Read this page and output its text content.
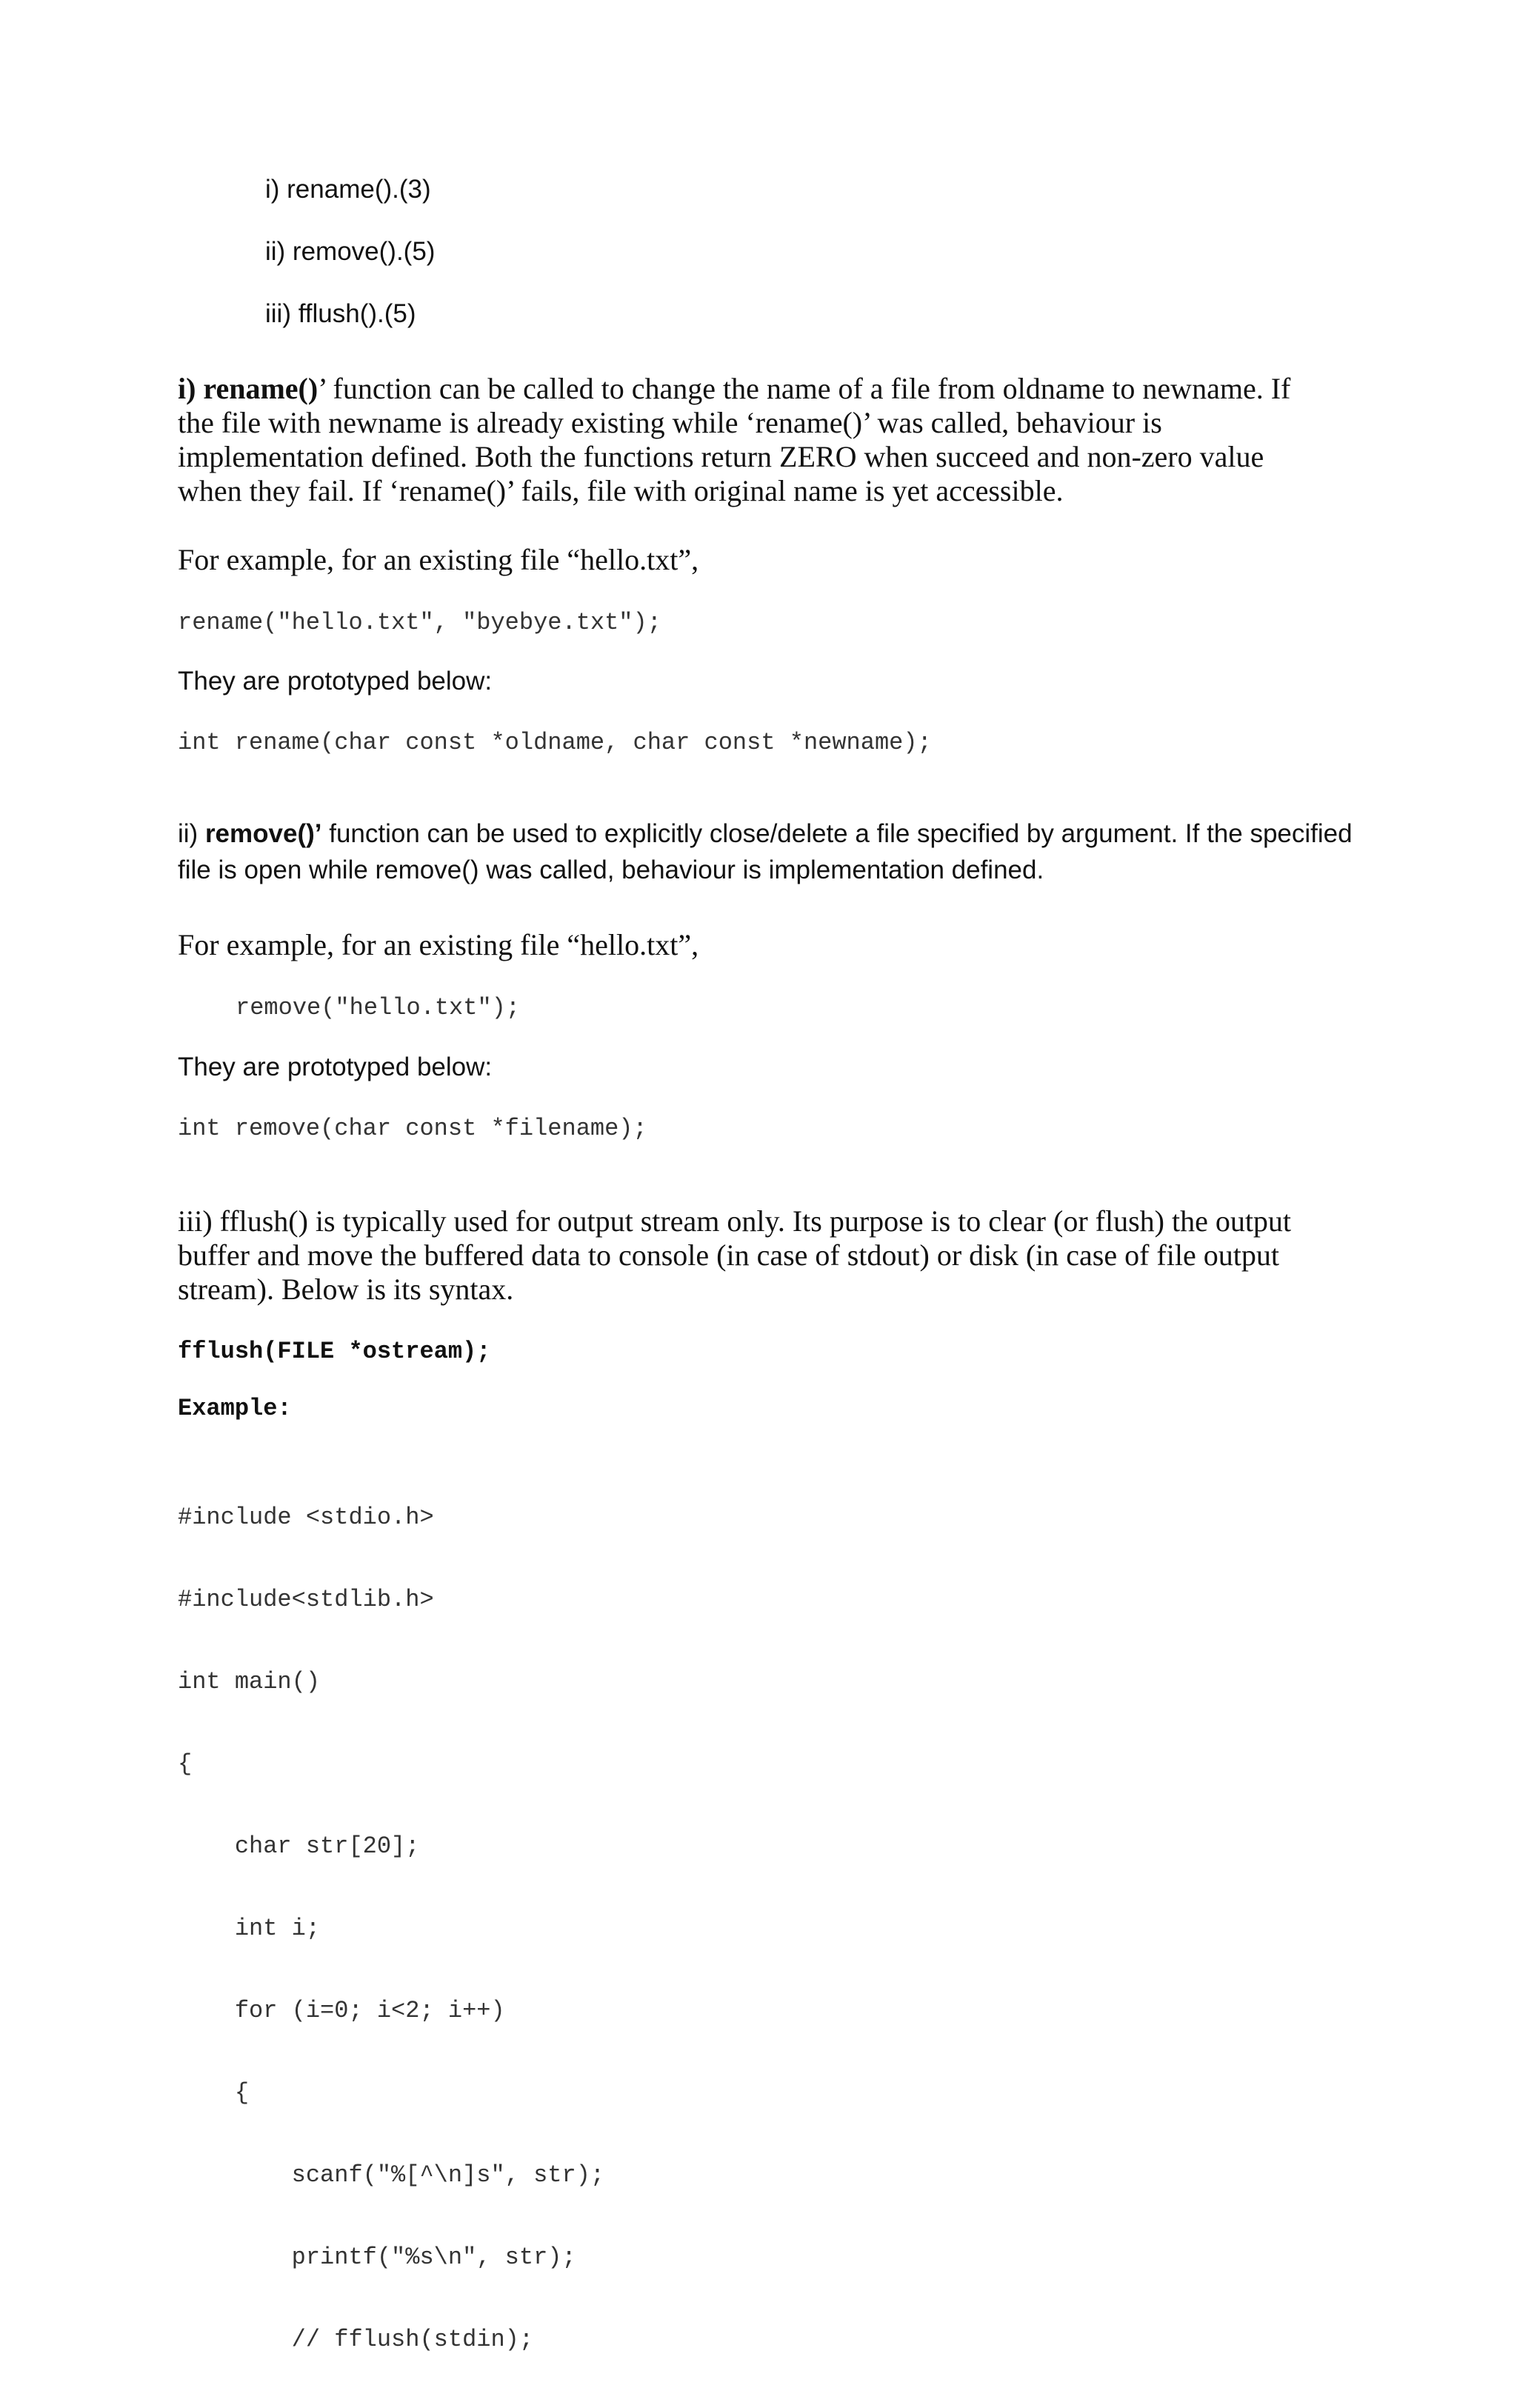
i) rename().(3)
ii) remove().(5)
iii) fflush().(5)
i) rename()’ function can be called to change the name of a file from oldname to newname. If
the file with newname is already existing while ‘rename()’ was called, behaviour is
implementation defined. Both the functions return ZERO when succeed and non-zero value
when they fail. If ‘rename()’ fails, file with original name is yet accessible.
For example, for an existing file “hello.txt”,
rename("hello.txt", "byebye.txt");
They are prototyped below:
int rename(char const *oldname, char const *newname);
ii) remove()’ function can be used to explicitly close/delete a file specified by argument. If the specified
file is open while remove() was called, behaviour is implementation defined.
For example, for an existing file “hello.txt”,
remove("hello.txt");
They are prototyped below:
int remove(char const *filename);
iii) fflush() is typically used for output stream only. Its purpose is to clear (or flush) the output
buffer and move the buffered data to console (in case of stdout) or disk (in case of file output
stream). Below is its syntax.
fflush(FILE *ostream);
Example:

#include <stdio.h>

#include<stdlib.h>

int main()

{

char str[20];

int i;

for (i=0; i<2; i++)

{

scanf("%[^\n]s", str);

printf("%s\n", str);

// fflush(stdin);
